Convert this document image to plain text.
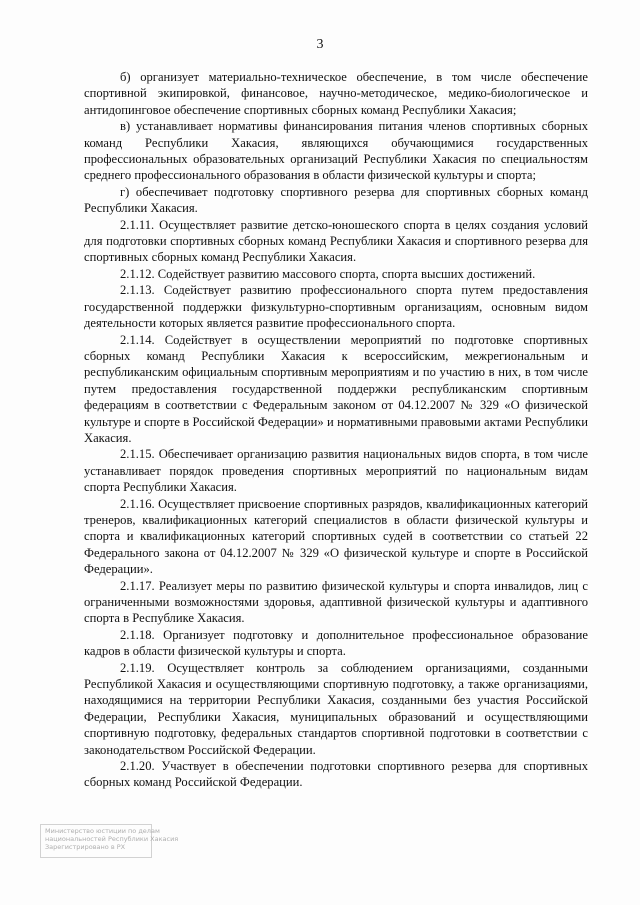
3

б) организует материально-техническое обеспечение, в том числе обеспечение спортивной экипировкой, финансовое, научно-методическое, медико-биологическое и антидопинговое обеспечение спортивных сборных команд Республики Хакасия;

в) устанавливает нормативы финансирования питания членов спортивных сборных команд Республики Хакасия, являющихся обучающимися государственных профессиональных образовательных организаций Республики Хакасия по специальностям среднего профессионального образования в области физической культуры и спорта;

г) обеспечивает подготовку спортивного резерва для спортивных сборных команд Республики Хакасия.

2.1.11. Осуществляет развитие детско-юношеского спорта в целях создания условий для подготовки спортивных сборных команд Республики Хакасия и спортивного резерва для спортивных сборных команд Республики Хакасия.

2.1.12. Содействует развитию массового спорта, спорта высших достижений.

2.1.13. Содействует развитию профессионального спорта путем предоставления государственной поддержки физкультурно-спортивным организациям, основным видом деятельности которых является развитие профессионального спорта.

2.1.14. Содействует в осуществлении мероприятий по подготовке спортивных сборных команд Республики Хакасия к всероссийским, межрегиональным и республиканским официальным спортивным мероприятиям и по участию в них, в том числе путем предоставления государственной поддержки республиканским спортивным федерациям в соответствии с Федеральным законом от 04.12.2007 № 329 «О физической культуре и спорте в Российской Федерации» и нормативными правовыми актами Республики Хакасия.

2.1.15. Обеспечивает организацию развития национальных видов спорта, в том числе устанавливает порядок проведения спортивных мероприятий по национальным видам спорта Республики Хакасия.

2.1.16. Осуществляет присвоение спортивных разрядов, квалификационных категорий тренеров, квалификационных категорий специалистов в области физической культуры и спорта и квалификационных категорий спортивных судей в соответствии со статьей 22 Федерального закона от 04.12.2007 № 329 «О физической культуре и спорте в Российской Федерации».

2.1.17. Реализует меры по развитию физической культуры и спорта инвалидов, лиц с ограниченными возможностями здоровья, адаптивной физической культуры и адаптивного спорта в Республике Хакасия.

2.1.18. Организует подготовку и дополнительное профессиональное образование кадров в области физической культуры и спорта.

2.1.19. Осуществляет контроль за соблюдением организациями, созданными Республикой Хакасия и осуществляющими спортивную подготовку, а также организациями, находящимися на территории Республики Хакасия, созданными без участия Российской Федерации, Республики Хакасия, муниципальных образований и осуществляющими спортивную подготовку, федеральных стандартов спортивной подготовки в соответствии с законодательством Российской Федерации.

2.1.20. Участвует в обеспечении подготовки спортивного резерва для спортивных сборных команд Российской Федерации.

Министерство юстиции по делам
национальностей Республики Хакасия
Зарегистрировано в РХ
